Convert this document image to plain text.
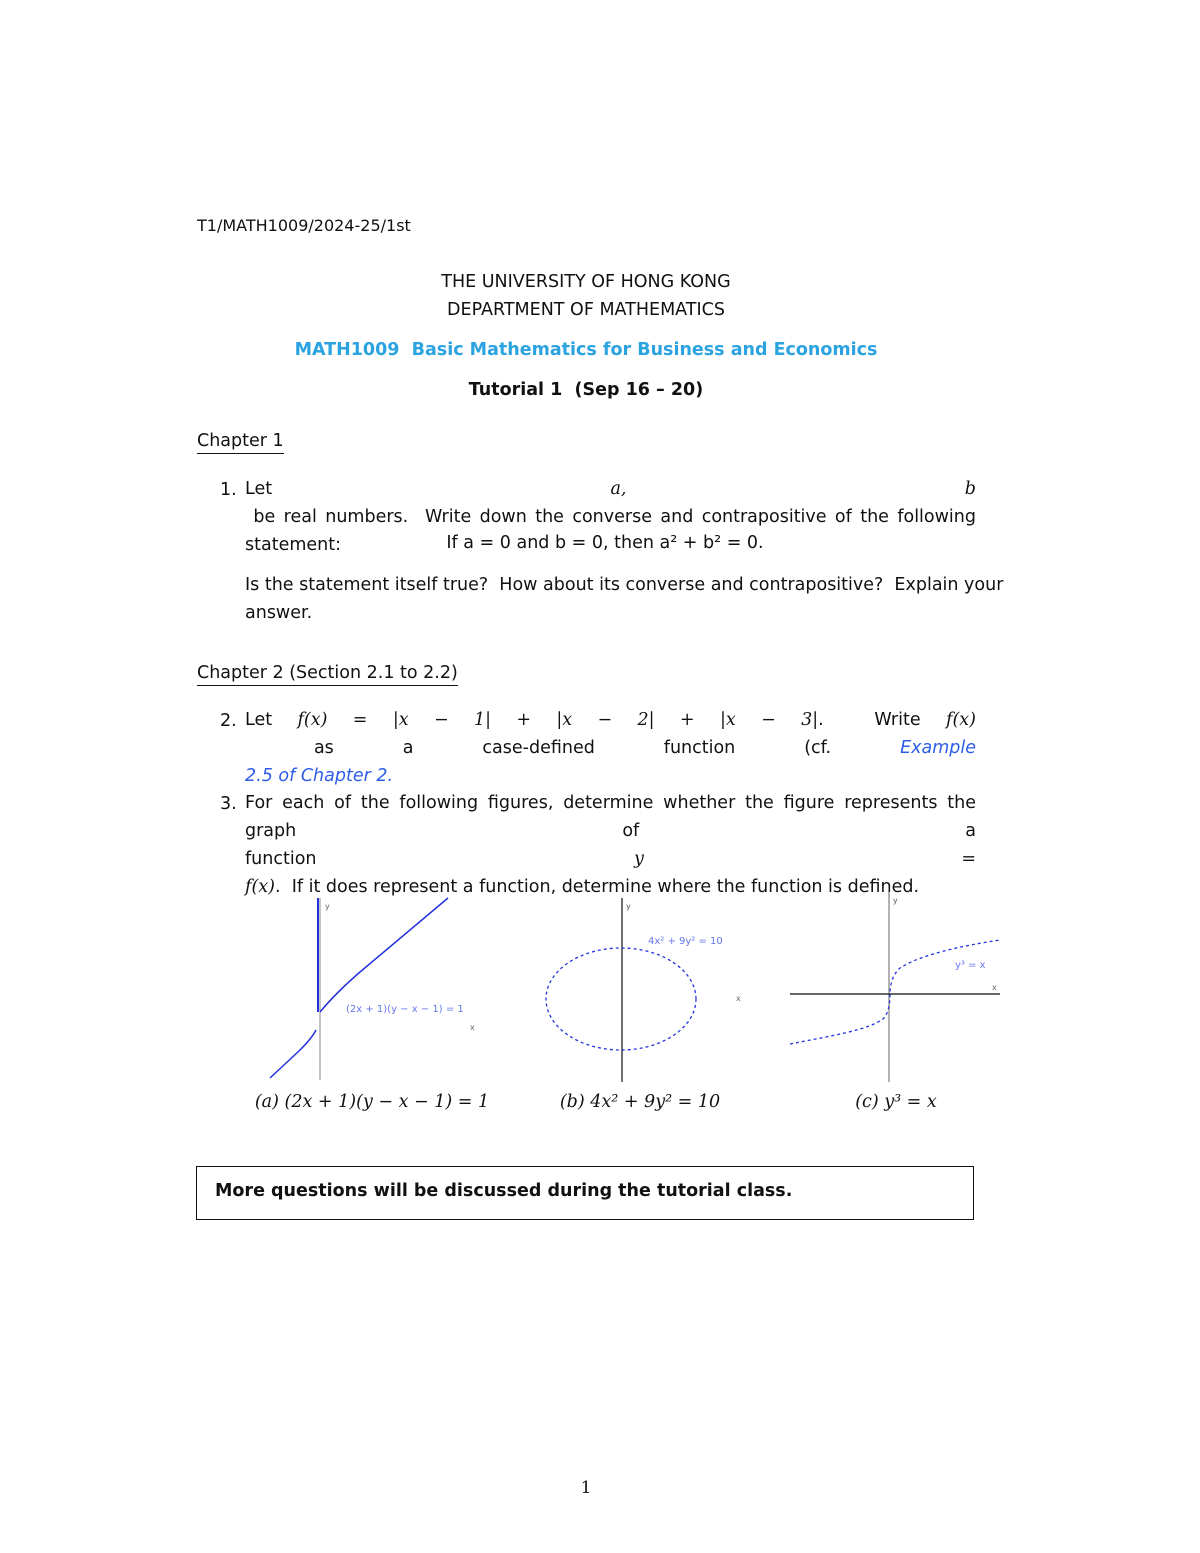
T1/MATH1009/2024-25/1st
THE UNIVERSITY OF HONG KONG
DEPARTMENT OF MATHEMATICS
MATH1009  Basic Mathematics for Business and Economics
Tutorial 1  (Sep 16 – 20)
Chapter 1
1. Let a, b be real numbers.  Write down the converse and contrapositive of the following
statement:	If a = 0 and b = 0, then a² + b² = 0.
Is the statement itself true?  How about its converse and contrapositive?  Explain your
answer.
Chapter 2 (Section 2.1 to 2.2)
2. Let f(x) = |x − 1| + |x − 2| + |x − 3|.  Write f(x) as a case-defined function (cf. Example
2.5 of Chapter 2.
3. For each of the following figures, determine whether the figure represents the graph of a
function y = f(x).  If it does represent a function, determine where the function is defined.
y
x
(2x + 1)(y − x − 1) = 1
y
x
4x² + 9y² = 10
y
x
y³ = x
(a) (2x + 1)(y − x − 1) = 1	(b) 4x² + 9y² = 10	(c) y³ = x
More questions will be discussed during the tutorial class.
1
